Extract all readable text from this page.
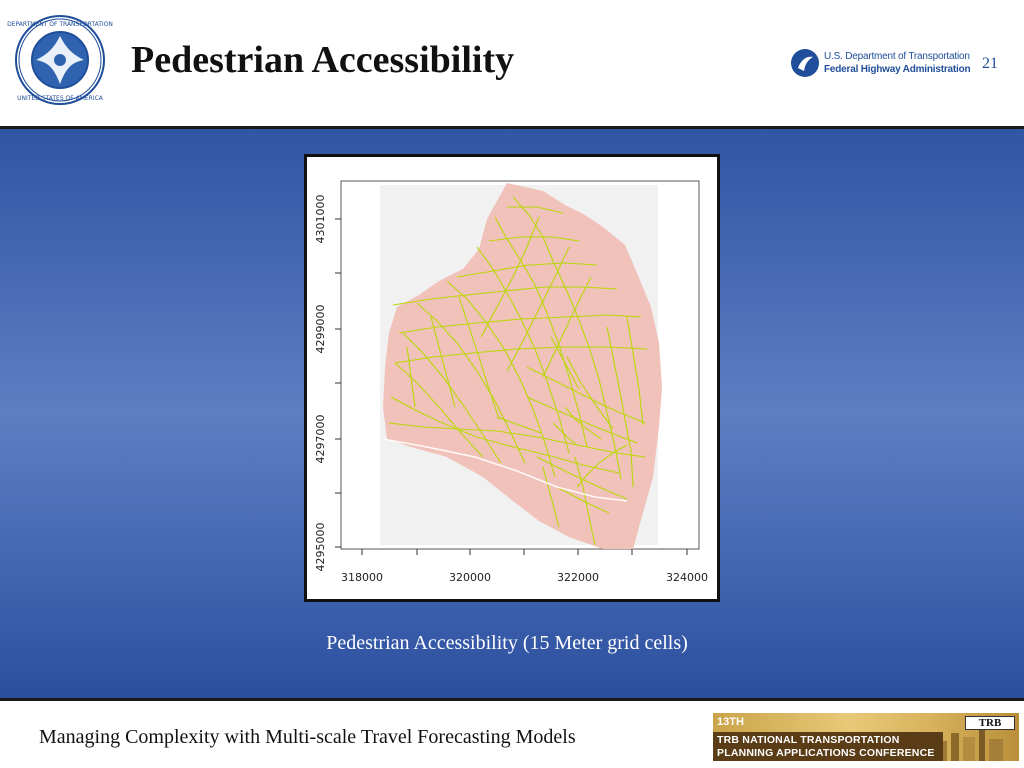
DEPARTMENT OF TRANSPORTATION
UNITED STATES OF AMERICA
Pedestrian Accessibility	U.S. Department of Transportation
Federal Highway Administration 21
4301000
4299000
4297000
4295000
318000	320000	322000	324000
Pedestrian Accessibility (15 Meter grid cells)

Managing Complexity with Multi-scale Travel Forecasting Models

13TH
TRB NATIONAL TRANSPORTATION
PLANNING APPLICATIONS CONFERENCE
TRB
